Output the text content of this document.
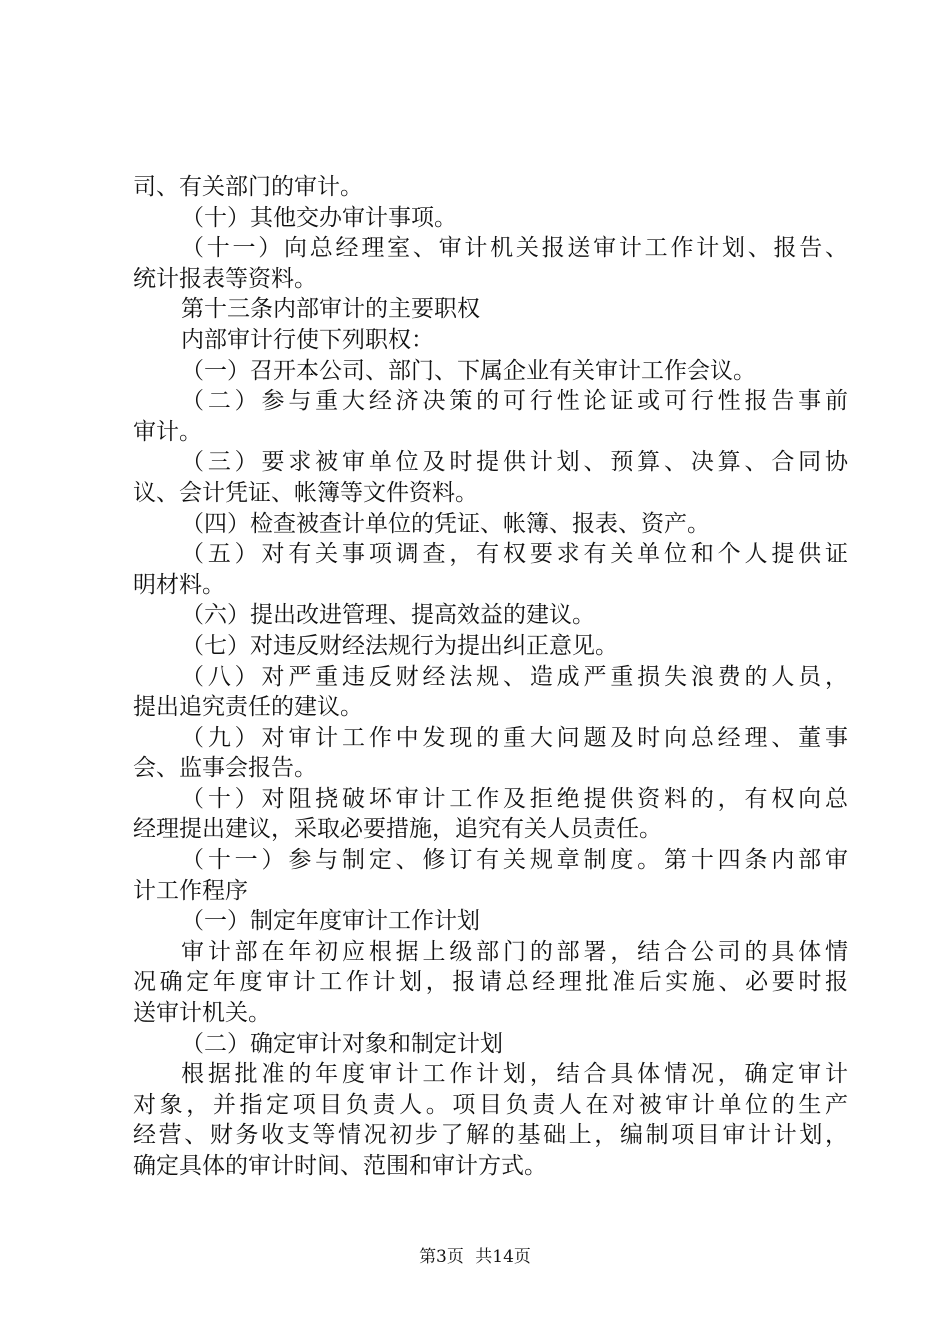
司、有关部门的审计。
（十）其他交办审计事项。
（十一）向总经理室、审计机关报送审计工作计划、报告、
统计报表等资料。
第十三条内部审计的主要职权
内部审计行使下列职权：
（一）召开本公司、部门、下属企业有关审计工作会议。
（二）参与重大经济决策的可行性论证或可行性报告事前
审计。
（三）要求被审单位及时提供计划、预算、决算、合同协
议、会计凭证、帐簿等文件资料。
（四）检查被查计单位的凭证、帐簿、报表、资产。
（五）对有关事项调查，有权要求有关单位和个人提供证
明材料。
（六）提出改进管理、提高效益的建议。
（七）对违反财经法规行为提出纠正意见。
（八）对严重违反财经法规、造成严重损失浪费的人员，
提出追究责任的建议。
（九）对审计工作中发现的重大问题及时向总经理、董事
会、监事会报告。
（十）对阻挠破坏审计工作及拒绝提供资料的，有权向总
经理提出建议，采取必要措施，追究有关人员责任。
（十一）参与制定、修订有关规章制度。第十四条内部审
计工作程序
（一）制定年度审计工作计划
审计部在年初应根据上级部门的部署，结合公司的具体情
况确定年度审计工作计划，报请总经理批准后实施、必要时报
送审计机关。
（二）确定审计对象和制定计划
根据批准的年度审计工作计划，结合具体情况，确定审计
对象，并指定项目负责人。项目负责人在对被审计单位的生产
经营、财务收支等情况初步了解的基础上，编制项目审计计划，
确定具体的审计时间、范围和审计方式。
第3页 共14页
